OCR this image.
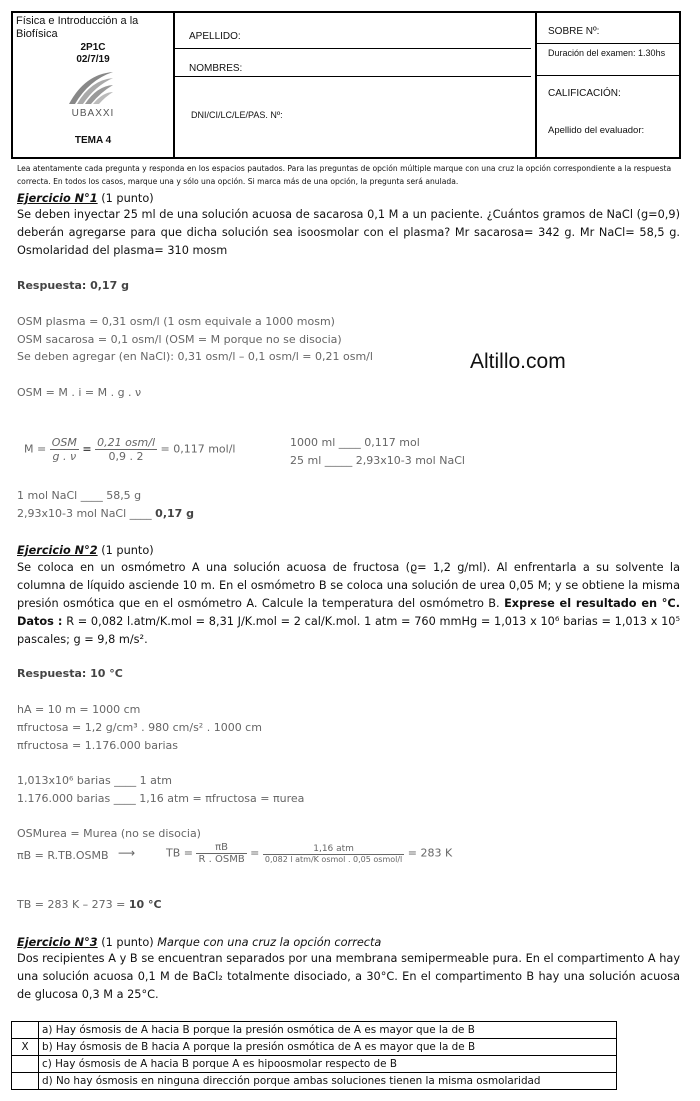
Física e Introducción a la Biofísica
2P1C
02/7/19
UBAXXI
TEMA 4
APELLIDO:
NOMBRES:
DNI/CI/LC/LE/PAS. Nº:
SOBRE Nº:
Duración del examen: 1.30hs
CALIFICACIÓN:
Apellido del evaluador:
Lea atentamente cada pregunta y responda en los espacios pautados. Para las preguntas de opción múltiple marque con una cruz la opción correspondiente a la respuesta correcta. En todos los casos, marque una y sólo una opción. Si marca más de una opción, la pregunta será anulada.
Ejercicio N°1 (1 punto)
Se deben inyectar 25 ml de una solución acuosa de sacarosa 0,1 M a un paciente. ¿Cuántos gramos de NaCl (g=0,9) deberán agregarse para que dicha solución sea isoosmolar con el plasma? Mr sacarosa= 342 g. Mr NaCl= 58,5 g. Osmolaridad del plasma= 310 mosm
Respuesta: 0,17 g
OSM plasma = 0,31 osm/l (1 osm equivale a 1000 mosm)
OSM sacarosa = 0,1 osm/l (OSM = M porque no se disocia)
Se deben agregar (en NaCl): 0,31 osm/l – 0,1 osm/l = 0,21 osm/l
OSM = M . i = M . g . ν
Altillo.com
$M = \frac{\text{OSM}}{g . \nu} = \frac{\text{0,21 osm/l}}{0,9 . 2} = 0,117$ mol/l	1000 ml ____ 0,117 mol
25 ml _____ 2,93x10-3 mol NaCl
1 mol NaCl ____ 58,5 g
2,93x10-3 mol NaCl ____ 0,17 g
Ejercicio N°2 (1 punto)
Se coloca en un osmómetro A una solución acuosa de fructosa (ϱ= 1,2 g/ml). Al enfrentarla a su solvente la columna de líquido asciende 10 m. En el osmómetro B se coloca una solución de urea 0,05 M; y se obtiene la misma presión osmótica que en el osmómetro A. Calcule la temperatura del osmómetro B. Exprese el resultado en °C. Datos : R = 0,082 l.atm/K.mol = 8,31 J/K.mol = 2 cal/K.mol. 1 atm = 760 mmHg = 1,013 x 10⁶ barias = 1,013 x 10⁵ pascales; g = 9,8 m/s².
Respuesta: 10 °C
hA = 10 m = 1000 cm
πfructosa = 1,2 g/cm³ . 980 cm/s² . 1000 cm
πfructosa = 1.176.000 barias
1,013x10⁶ barias ____ 1 atm
1.176.000 barias ____ 1,16 atm = πfructosa = πurea
OSMurea = Murea (no se disocia)
πB = R.TB.OSMB ⟶	TB = $\frac{\pi B}{\text{R . OSMB}} = \frac{\text{1,16 atm}}{\text{0,082 l atm/K osmol . 0,05 osmol/l}} = 283$ K
TB = 283 K – 273 = 10 °C
Ejercicio N°3 (1 punto) Marque con una cruz la opción correcta
Dos recipientes A y B se encuentran separados por una membrana semipermeable pura. En el compartimento A hay una solución acuosa 0,1 M de BaCl₂ totalmente disociado, a 30°C. En el compartimento B hay una solución acuosa de glucosa 0,3 M a 25°C.
	a) Hay ósmosis de A hacia B porque la presión osmótica de A es mayor que la de B
X	b) Hay ósmosis de B hacia A porque la presión osmótica de A es mayor que la de B
	c) Hay ósmosis de A hacia B porque A es hipoosmolar respecto de B
	d) No hay ósmosis en ninguna dirección porque ambas soluciones tienen la misma osmolaridad
